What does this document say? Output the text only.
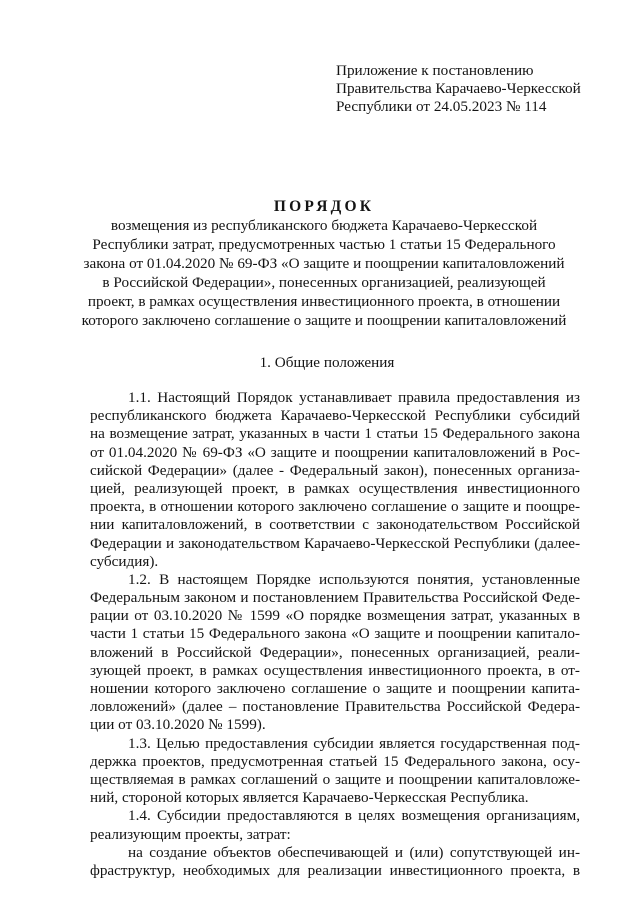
Приложение к постановлению
Правительства Карачаево-Черкесской
Республики от 24.05.2023 № 114
ПОРЯДОК
возмещения из республиканского бюджета Карачаево-Черкесской
Республики затрат, предусмотренных частью 1 статьи 15 Федерального
закона от 01.04.2020 № 69-ФЗ «О защите и поощрении капиталовложений
в Российской Федерации», понесенных организацией, реализующей
проект, в рамках осуществления инвестиционного проекта, в отношении
которого заключено соглашение о защите и поощрении капиталовложений
1. Общие положения
1.1. Настоящий Порядок устанавливает правила предоставления из
республиканского бюджета Карачаево-Черкесской Республики субсидий
на возмещение затрат, указанных в части 1 статьи 15 Федерального закона
от 01.04.2020 № 69-ФЗ «О защите и поощрении капиталовложений в Рос-
сийской Федерации» (далее - Федеральный закон), понесенных организа-
цией, реализующей проект, в рамках осуществления инвестиционного
проекта, в отношении которого заключено соглашение о защите и поощре-
нии капиталовложений, в соответствии с законодательством Российской
Федерации и законодательством Карачаево-Черкесской Республики (далее-
субсидия).
1.2. В настоящем Порядке используются понятия, установленные
Федеральным законом и постановлением Правительства Российской Феде-
рации от 03.10.2020 № 1599 «О порядке возмещения затрат, указанных в
части 1 статьи 15 Федерального закона «О защите и поощрении капитало-
вложений в Российской Федерации», понесенных организацией, реали-
зующей проект, в рамках осуществления инвестиционного проекта, в от-
ношении которого заключено соглашение о защите и поощрении капита-
ловложений» (далее – постановление Правительства Российской Федера-
ции от 03.10.2020 № 1599).
1.3. Целью предоставления субсидии является государственная под-
держка проектов, предусмотренная статьей 15 Федерального закона, осу-
ществляемая в рамках соглашений о защите и поощрении капиталовложе-
ний, стороной которых является Карачаево-Черкесская Республика.
1.4. Субсидии предоставляются в целях возмещения организациям,
реализующим проекты, затрат:
на создание объектов обеспечивающей и (или) сопутствующей ин-
фраструктур, необходимых для реализации инвестиционного проекта, в
